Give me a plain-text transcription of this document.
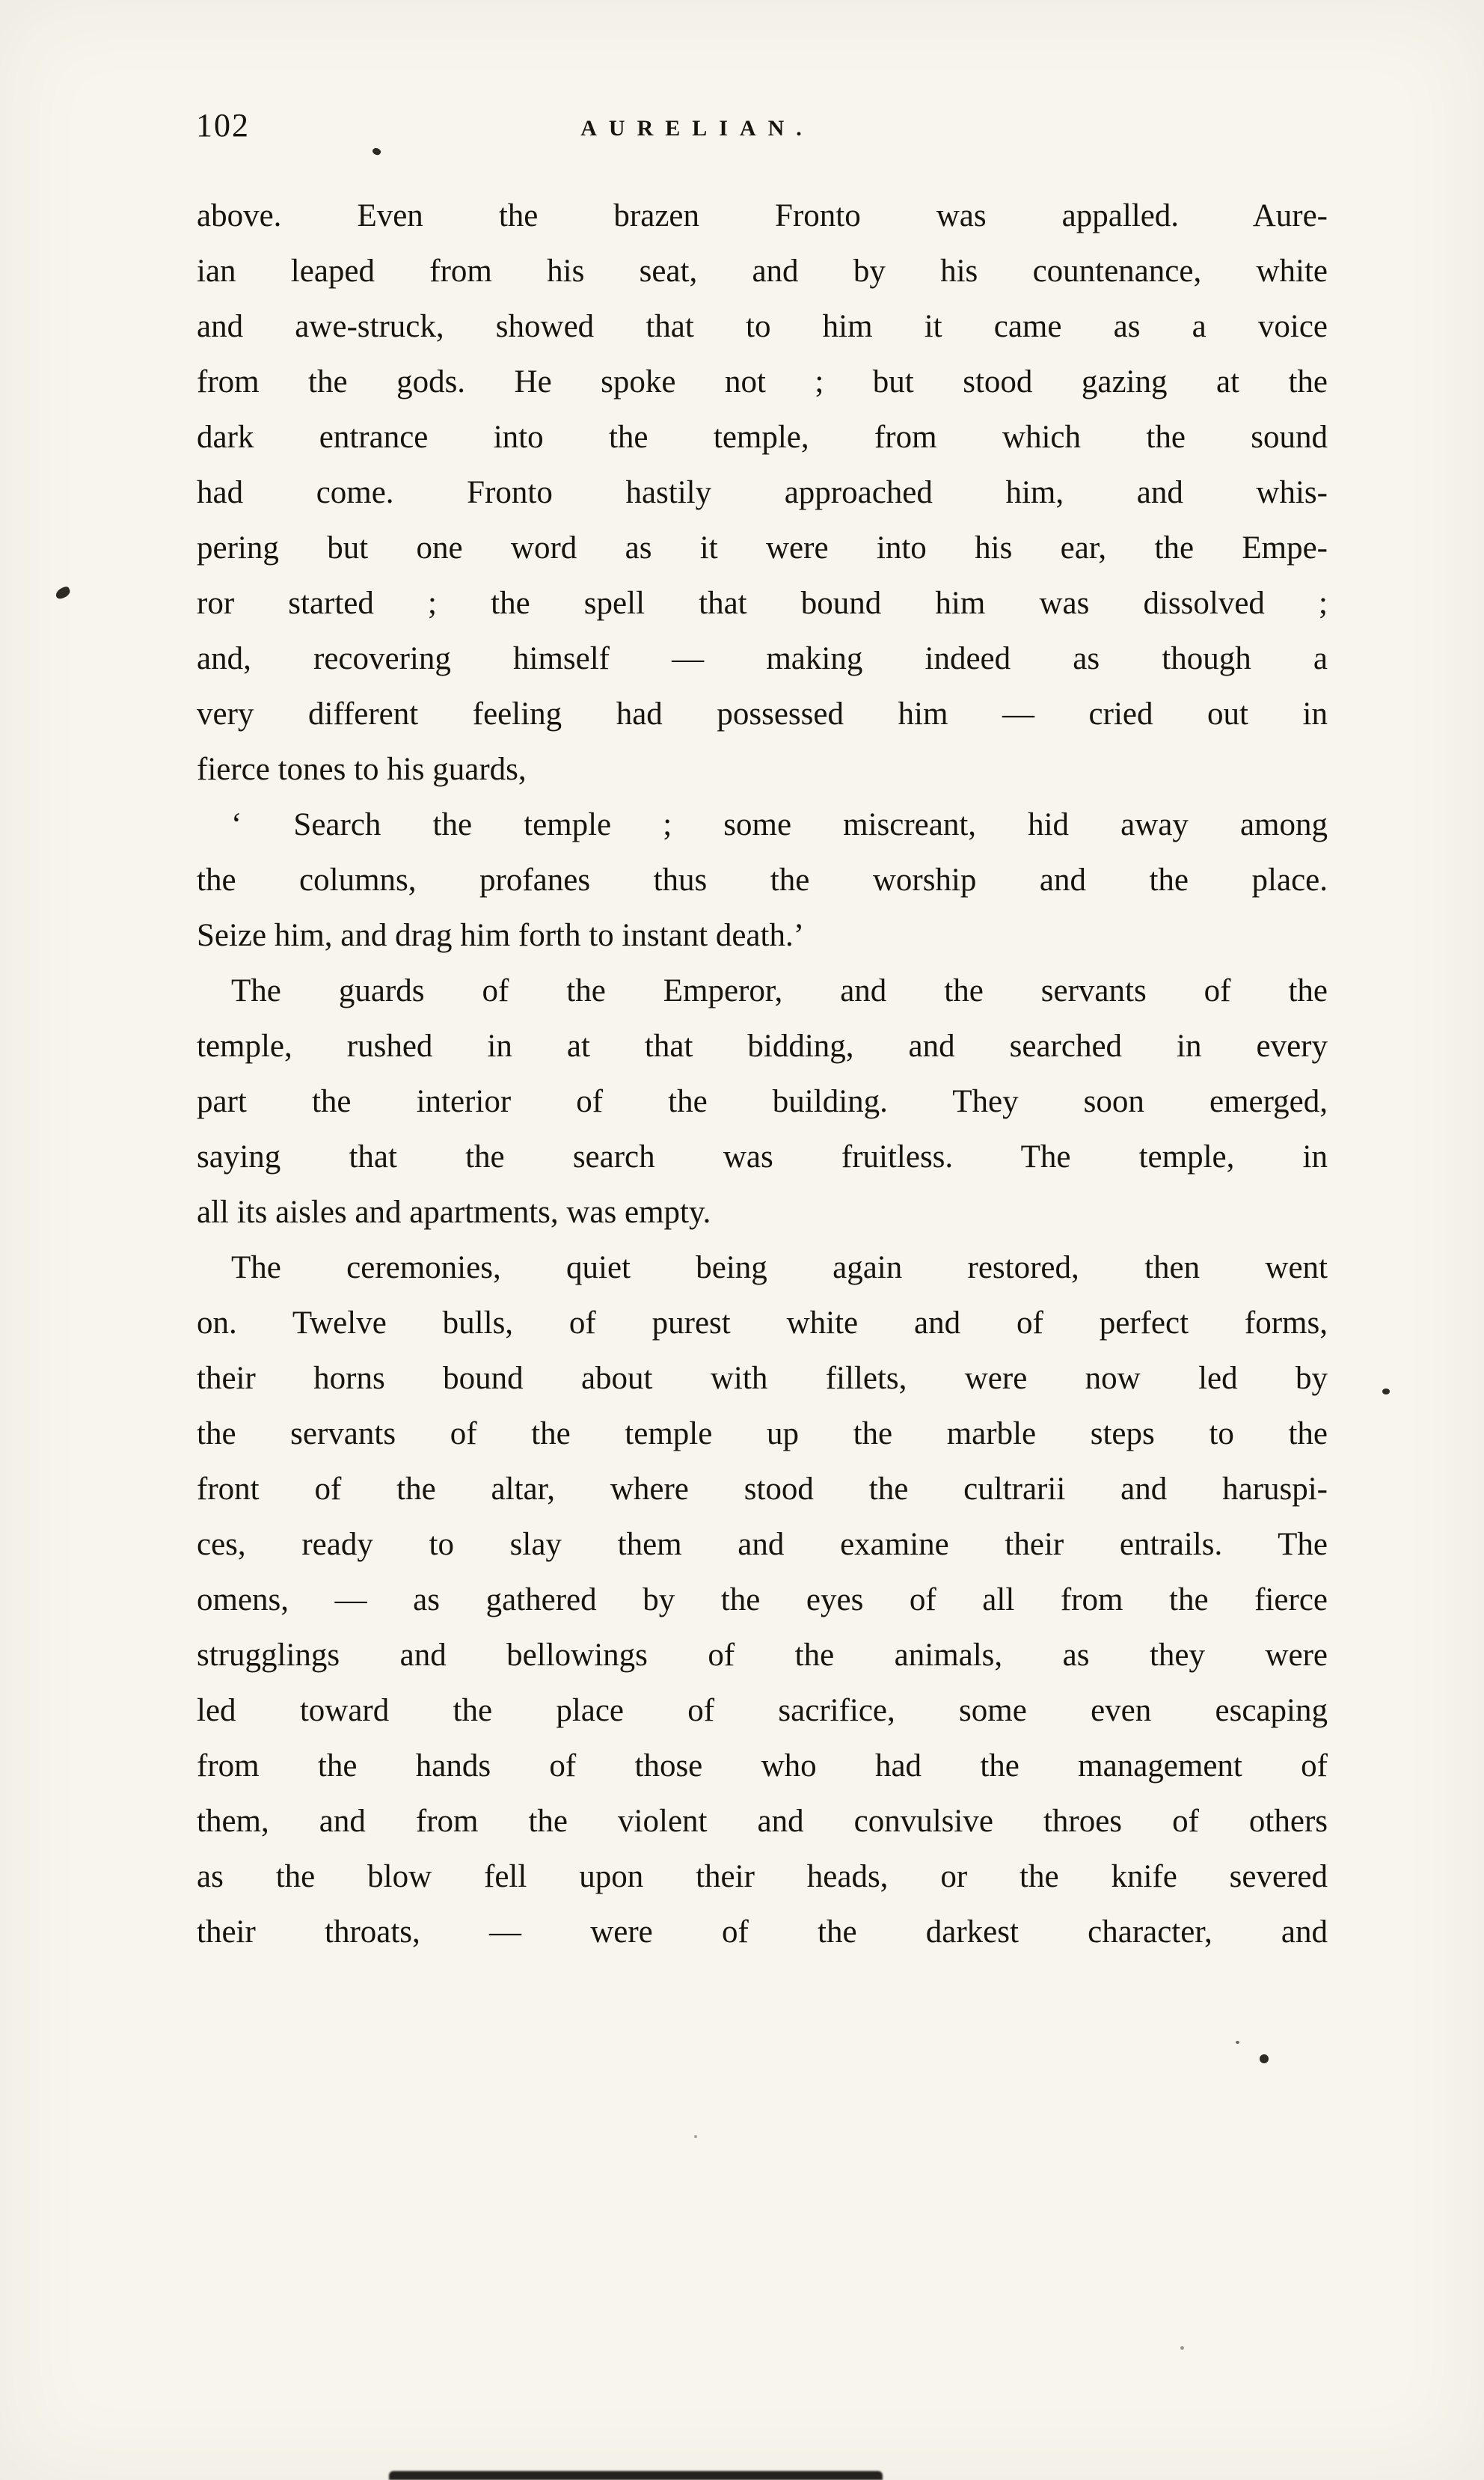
102	AURELIAN.
above. Even the brazen Fronto was appalled. Aure-
ian leaped from his seat, and by his countenance, white
and awe-struck, showed that to him it came as a voice
from the gods. He spoke not ; but stood gazing at the
dark entrance into the temple, from which the sound
had come. Fronto hastily approached him, and whis-
pering but one word as it were into his ear, the Empe-
ror started ; the spell that bound him was dissolved ;
and, recovering himself — making indeed as though a
very different feeling had possessed him — cried out in
fierce tones to his guards,
‘ Search the temple ; some miscreant, hid away among
the columns, profanes thus the worship and the place.
Seize him, and drag him forth to instant death.’
The guards of the Emperor, and the servants of the
temple, rushed in at that bidding, and searched in every
part the interior of the building. They soon emerged,
saying that the search was fruitless. The temple, in
all its aisles and apartments, was empty.
The ceremonies, quiet being again restored, then went
on. Twelve bulls, of purest white and of perfect forms,
their horns bound about with fillets, were now led by
the servants of the temple up the marble steps to the
front of the altar, where stood the cultrarii and haruspi-
ces, ready to slay them and examine their entrails. The
omens, — as gathered by the eyes of all from the fierce
strugglings and bellowings of the animals, as they were
led toward the place of sacrifice, some even escaping
from the hands of those who had the management of
them, and from the violent and convulsive throes of others
as the blow fell upon their heads, or the knife severed
their throats, — were of the darkest character, and
